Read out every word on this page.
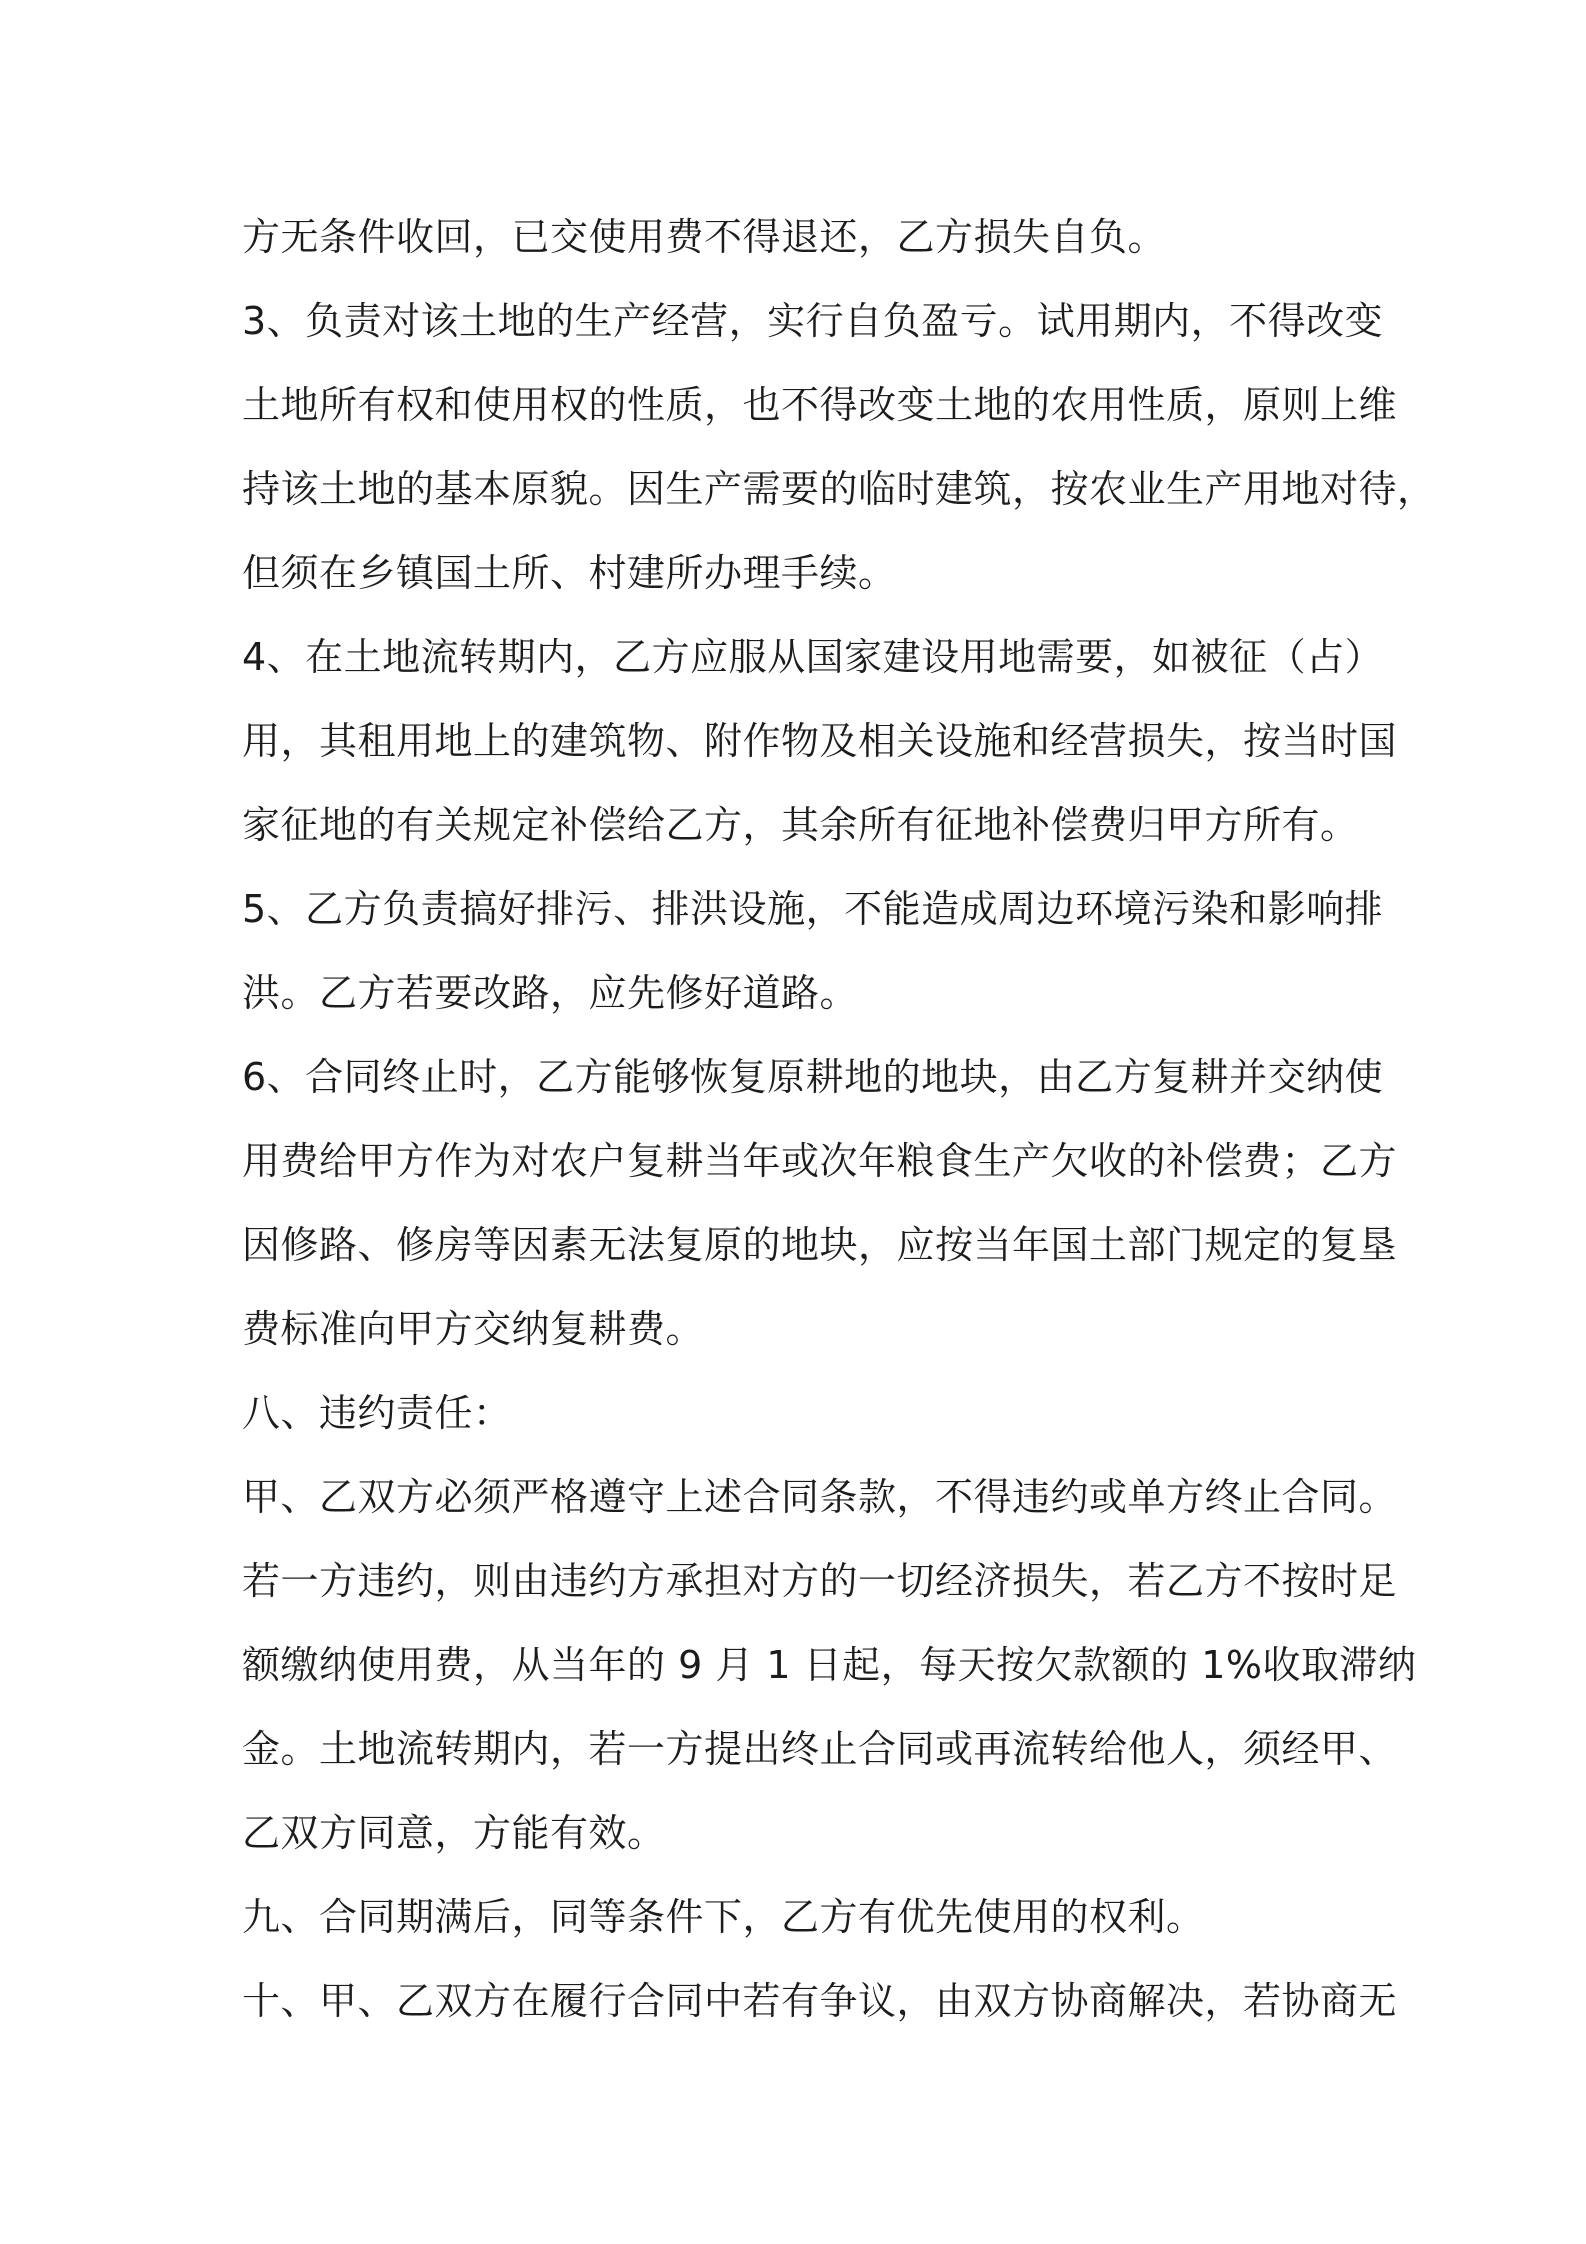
方无条件收回，已交使用费不得退还，乙方损失自负。
3、负责对该土地的生产经营，实行自负盈亏。试用期内，不得改变
土地所有权和使用权的性质，也不得改变土地的农用性质，原则上维
持该土地的基本原貌。因生产需要的临时建筑，按农业生产用地对待，
但须在乡镇国土所、村建所办理手续。
4、在土地流转期内，乙方应服从国家建设用地需要，如被征（占）
用，其租用地上的建筑物、附作物及相关设施和经营损失，按当时国
家征地的有关规定补偿给乙方，其余所有征地补偿费归甲方所有。
5、乙方负责搞好排污、排洪设施，不能造成周边环境污染和影响排
洪。乙方若要改路，应先修好道路。
6、合同终止时，乙方能够恢复原耕地的地块，由乙方复耕并交纳使
用费给甲方作为对农户复耕当年或次年粮食生产欠收的补偿费；乙方
因修路、修房等因素无法复原的地块，应按当年国土部门规定的复垦
费标准向甲方交纳复耕费。
八、违约责任：
甲、乙双方必须严格遵守上述合同条款，不得违约或单方终止合同。
若一方违约，则由违约方承担对方的一切经济损失，若乙方不按时足
额缴纳使用费，从当年的 9 月 1 日起，每天按欠款额的 1%收取滞纳
金。土地流转期内，若一方提出终止合同或再流转给他人，须经甲、
乙双方同意，方能有效。
九、合同期满后，同等条件下，乙方有优先使用的权利。
十、甲、乙双方在履行合同中若有争议，由双方协商解决，若协商无
